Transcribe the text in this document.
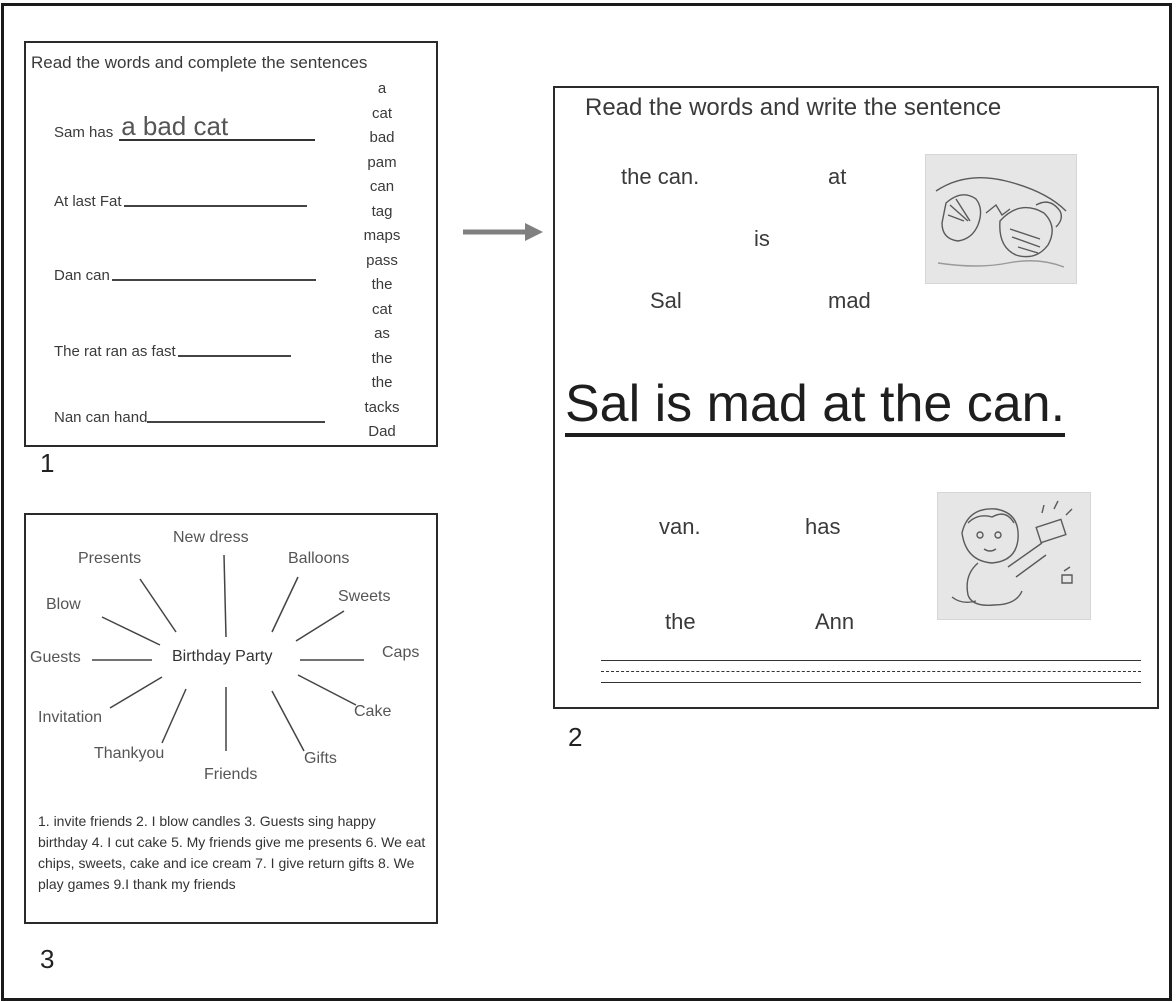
Read the words and complete the sentences
Sam has a bad cat
At last Fat
Dan can
The rat ran as fast
Nan can hand
a
cat
bad
pam
can
tag
maps
pass
the
cat
as
the
the
tacks
Dad
1
Read the words and write the sentence
the can.	at
is
Sal	mad
Sal is mad at the can.
van.	has
the	Ann
2
Birthday Party
New dress
Presents	Balloons
Blow	Sweets
Guests	Caps
Invitation	Cake
Thankyou	Gifts
Friends
1. invite friends 2. I blow candles 3. Guests sing happy birthday 4. I cut cake 5. My friends give me presents 6. We eat chips, sweets, cake and ice cream 7. I give return gifts 8. We play games 9.I thank my friends
3
